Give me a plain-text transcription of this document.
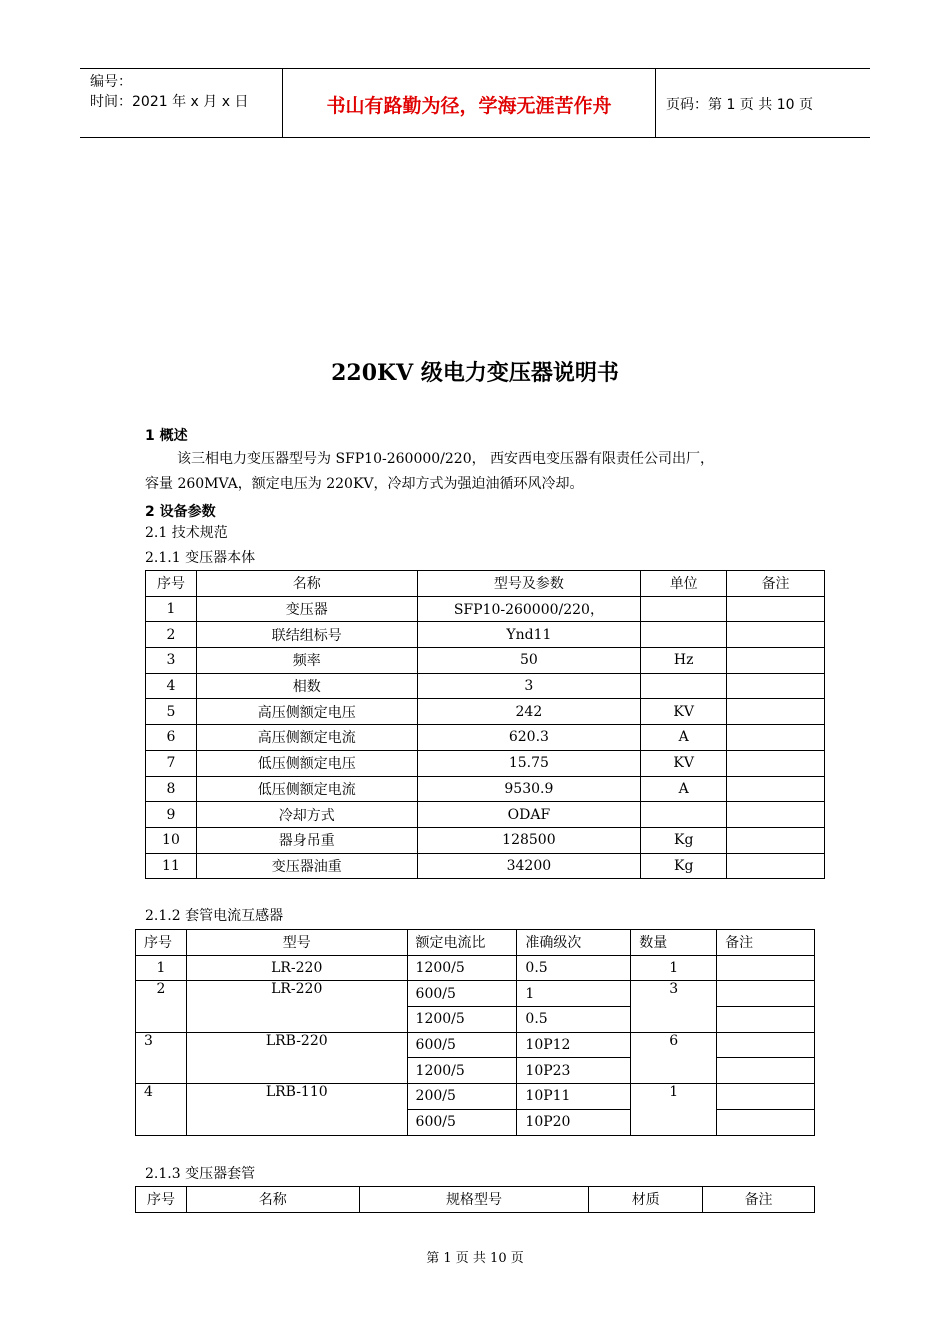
编号：
时间：2021 年 x 月 x 日	书山有路勤为径，学海无涯苦作舟	页码：第 1 页 共 10 页
220KV 级电力变压器说明书
1 概述
该三相电力变压器型号为 SFP10-260000/220， 西安西电变压器有限责任公司出厂，
容量 260MVA，额定电压为 220KV，冷却方式为强迫油循环风冷却。
2 设备参数
2.1 技术规范
2.1.1 变压器本体
序号	名称	型号及参数	单位	备注
1	变压器	SFP10-260000/220，		
2	联结组标号	Ynd11		
3	频率	50	Hz	
4	相数	3		
5	高压侧额定电压	242	KV	
6	高压侧额定电流	620.3	A	
7	低压侧额定电压	15.75	KV	
8	低压侧额定电流	9530.9	A	
9	冷却方式	ODAF		
10	器身吊重	128500	Kg	
11	变压器油重	34200	Kg	
2.1.2 套管电流互感器
序号	型号	额定电流比	准确级次	数量	备注
1	LR-220	1200/5	0.5	1	
2	LR-220	600/5	1	3	
		1200/5	0.5		
3	LRB-220	600/5	10P12	6	
		1200/5	10P23		
4	LRB-110	200/5	10P11	1	
		600/5	10P20		
2.1.3 变压器套管
序号	名称	规格型号	材质	备注
第 1 页 共 10 页
